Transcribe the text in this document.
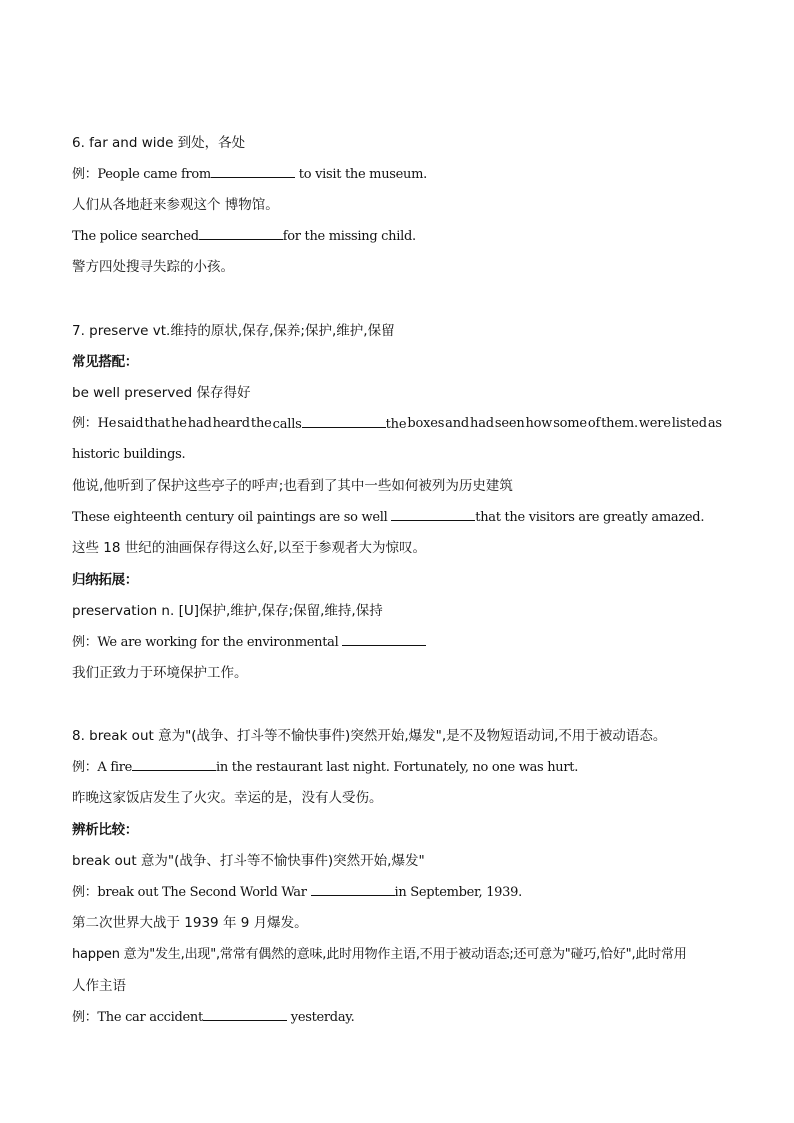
6. far and wide 到处，各处
例：People came from	to visit the museum.
人们从各地赶来参观这个 博物馆。
The police searched	for the missing child.
警方四处搜寻失踪的小孩。
7. preserve vt.维持的原状,保存,保养;保护,维护,保留
常见搭配：
be well preserved 保存得好
例：He said that he had heard the calls	the boxes and had seen how some of them. were listed as
historic buildings.
他说,他听到了保护这些亭子的呼声;也看到了其中一些如何被列为历史建筑
These eighteenth century oil paintings are so well	that the visitors are greatly amazed.
这些 18 世纪的油画保存得这么好,以至于参观者大为惊叹。
归纳拓展：
preservation n. [U]保护,维护,保存;保留,维持,保持
例：We are working for the environmental
我们正致力于环境保护工作。
8. break out 意为"(战争、打斗等不愉快事件)突然开始,爆发",是不及物短语动词,不用于被动语态。
例：A fire	in the restaurant last night. Fortunately, no one was hurt.
昨晚这家饭店发生了火灾。幸运的是，没有人受伤。
辨析比较：
break out 意为"(战争、打斗等不愉快事件)突然开始,爆发"
例：break out The Second World War	in September, 1939.
第二次世界大战于 1939 年 9 月爆发。
happen 意为"发生,出现",常常有偶然的意味,此时用物作主语,不用于被动语态;还可意为"碰巧,恰好",此时常用
人作主语
例：The car accident	yesterday.
